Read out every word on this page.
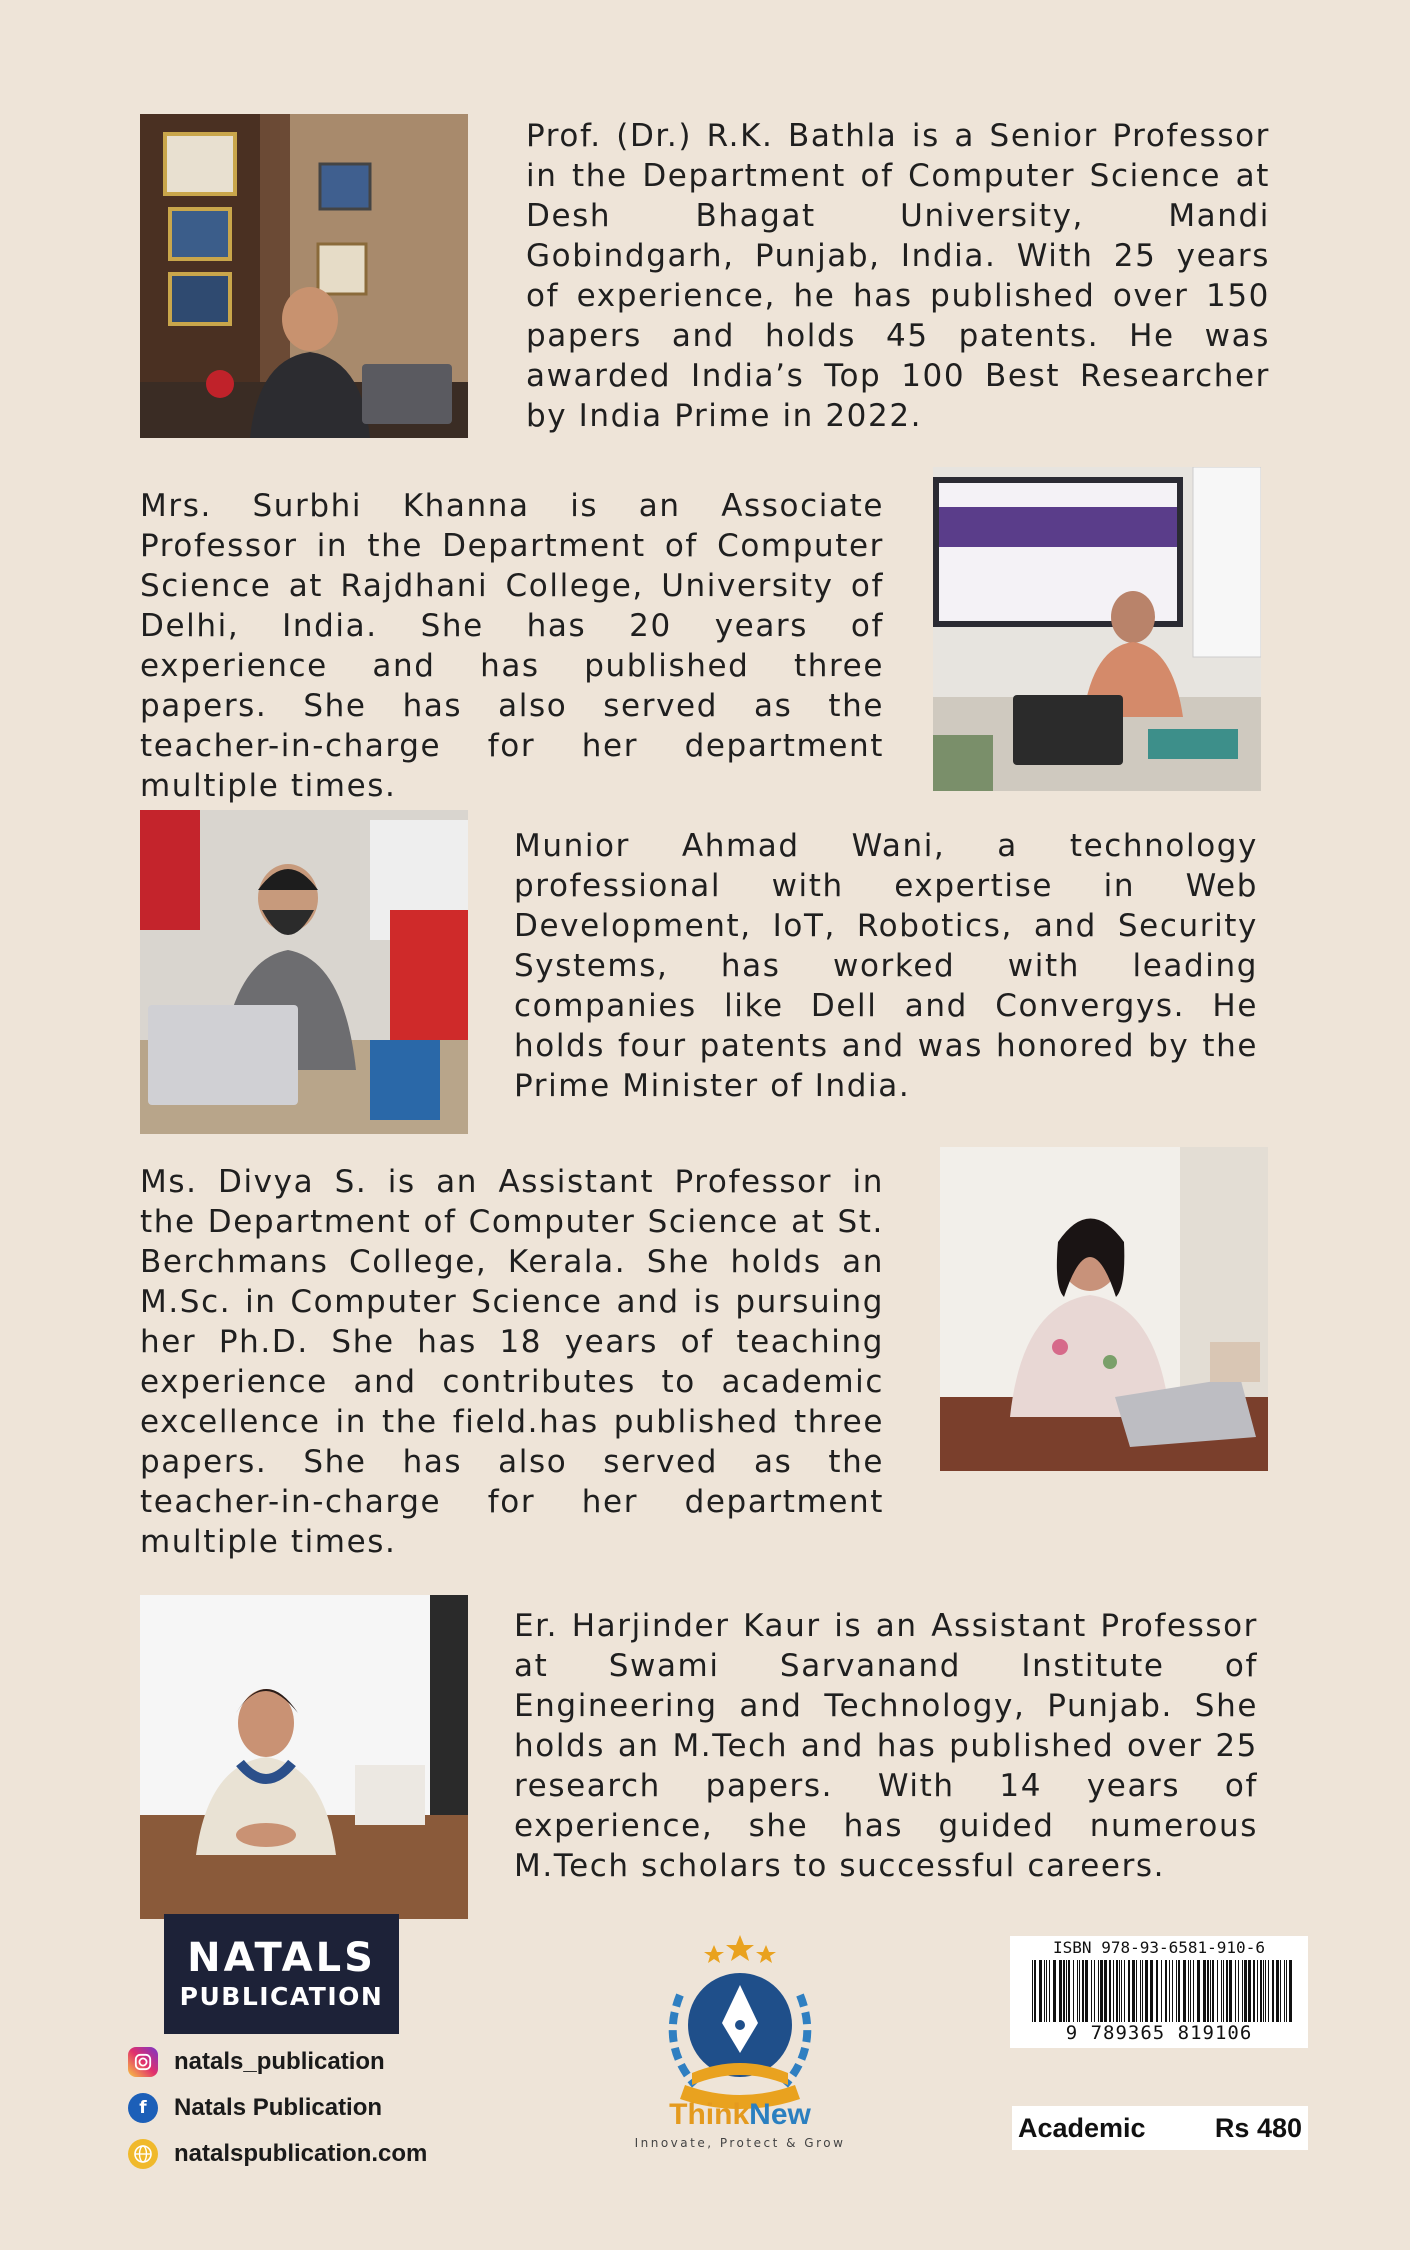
Prof. (Dr.) R.K. Bathla is a Senior Professor in the Department of Computer Science at Desh Bhagat University, Mandi Gobindgarh, Punjab, India. With 25 years of experience, he has published over 150 papers and holds 45 patents. He was awarded India’s Top 100 Best Researcher by India Prime in 2022.

Mrs. Surbhi Khanna is an Associate Professor in the Department of Computer Science at Rajdhani College, University of Delhi, India. She has 20 years of experience and has published three papers. She has also served as the teacher-in-charge for her department multiple times.

Munior Ahmad Wani, a technology professional with expertise in Web Development, IoT, Robotics, and Security Systems, has worked with leading companies like Dell and Convergys. He holds four patents and was honored by the Prime Minister of India.

Ms. Divya S. is an Assistant Professor in the Department of Computer Science at St. Berchmans College, Kerala. She holds an M.Sc. in Computer Science and is pursuing her Ph.D. She has 18 years of teaching experience and contributes to academic excellence in the field.has published three papers. She has also served as the teacher-in-charge for her department multiple times.

Er. Harjinder Kaur is an Assistant Professor at Swami Sarvanand Institute of Engineering and Technology, Punjab. She holds an M.Tech and has published over 25 research papers. With 14 years of experience, she has guided numerous M.Tech scholars to successful careers.

NATALS
PUBLICATION
natals_publication
f	Natals Publication
natalspublication.com
ThinkNew
Innovate, Protect & Grow
ISBN 978-93-6581-910-6
9 789365 819106
Academic	Rs 480
